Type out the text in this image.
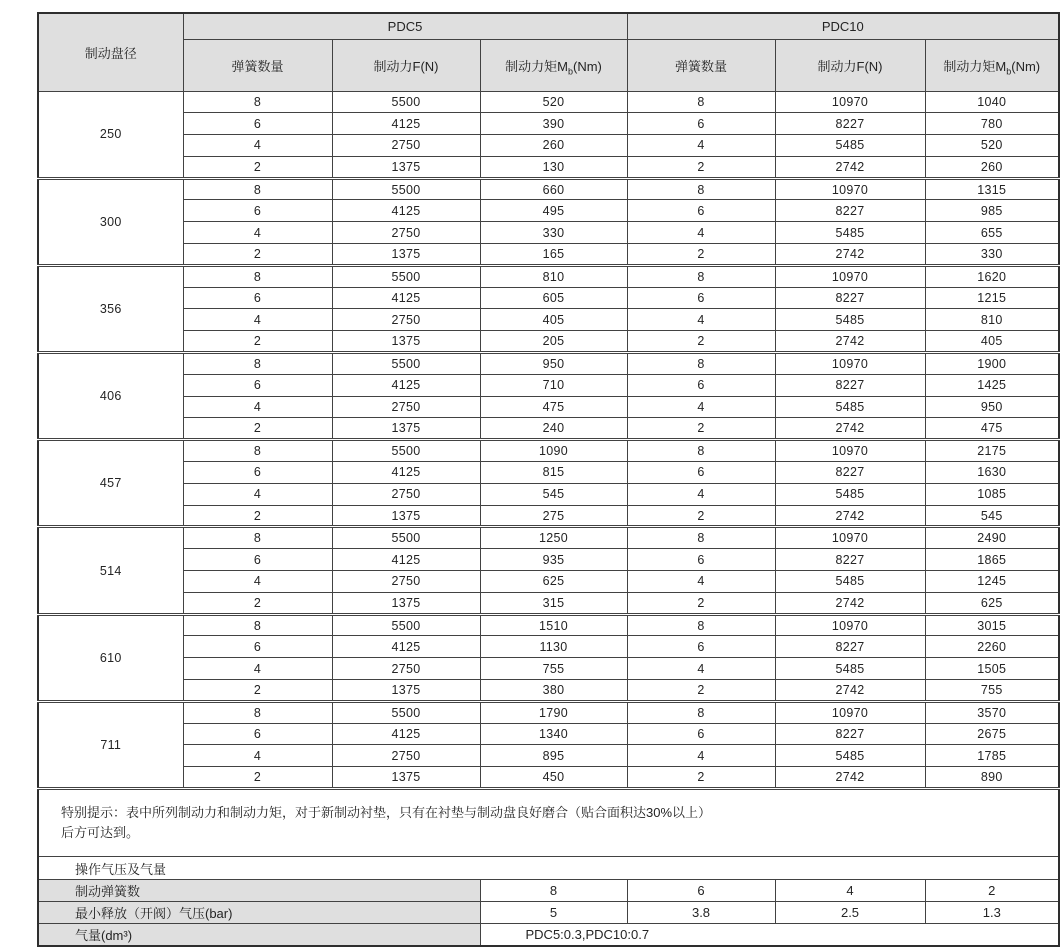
制动盘径	PDC5			PDC10		
	弹簧数量	制动力F(N)	制动力矩$M_b(Nm)$	弹簧数量	制动力F(N)	制动力矩$M_b(Nm)$
250	8	5500	520	8	10970	1040
	6	4125	390	6	8227	780
	4	2750	260	4	5485	520
	2	1375	130	2	2742	260
300	8	5500	660	8	10970	1315
	6	4125	495	6	8227	985
	4	2750	330	4	5485	655
	2	1375	165	2	2742	330
356	8	5500	810	8	10970	1620
	6	4125	605	6	8227	1215
	4	2750	405	4	5485	810
	2	1375	205	2	2742	405
406	8	5500	950	8	10970	1900
	6	4125	710	6	8227	1425
	4	2750	475	4	5485	950
	2	1375	240	2	2742	475
457	8	5500	1090	8	10970	2175
	6	4125	815	6	8227	1630
	4	2750	545	4	5485	1085
	2	1375	275	2	2742	545
514	8	5500	1250	8	10970	2490
	6	4125	935	6	8227	1865
	4	2750	625	4	5485	1245
	2	1375	315	2	2742	625
610	8	5500	1510	8	10970	3015
	6	4125	1130	6	8227	2260
	4	2750	755	4	5485	1505
	2	1375	380	2	2742	755
711	8	5500	1790	8	10970	3570
	6	4125	1340	6	8227	2675
	4	2750	895	4	5485	1785
	2	1375	450	2	2742	890

特别提示：表中所列制动力和制动力矩，对于新制动衬垫，只有在衬垫与制动盘良好磨合（贴合面积达30%以上）
后方可达到。						

操作气压及气量						
制动弹簧数			8	6	4	2
最小释放（开阀）气压(bar)			5	3.8	2.5	1.3
气量(dm³)			PDC5:0.3,PDC10:0.7			
